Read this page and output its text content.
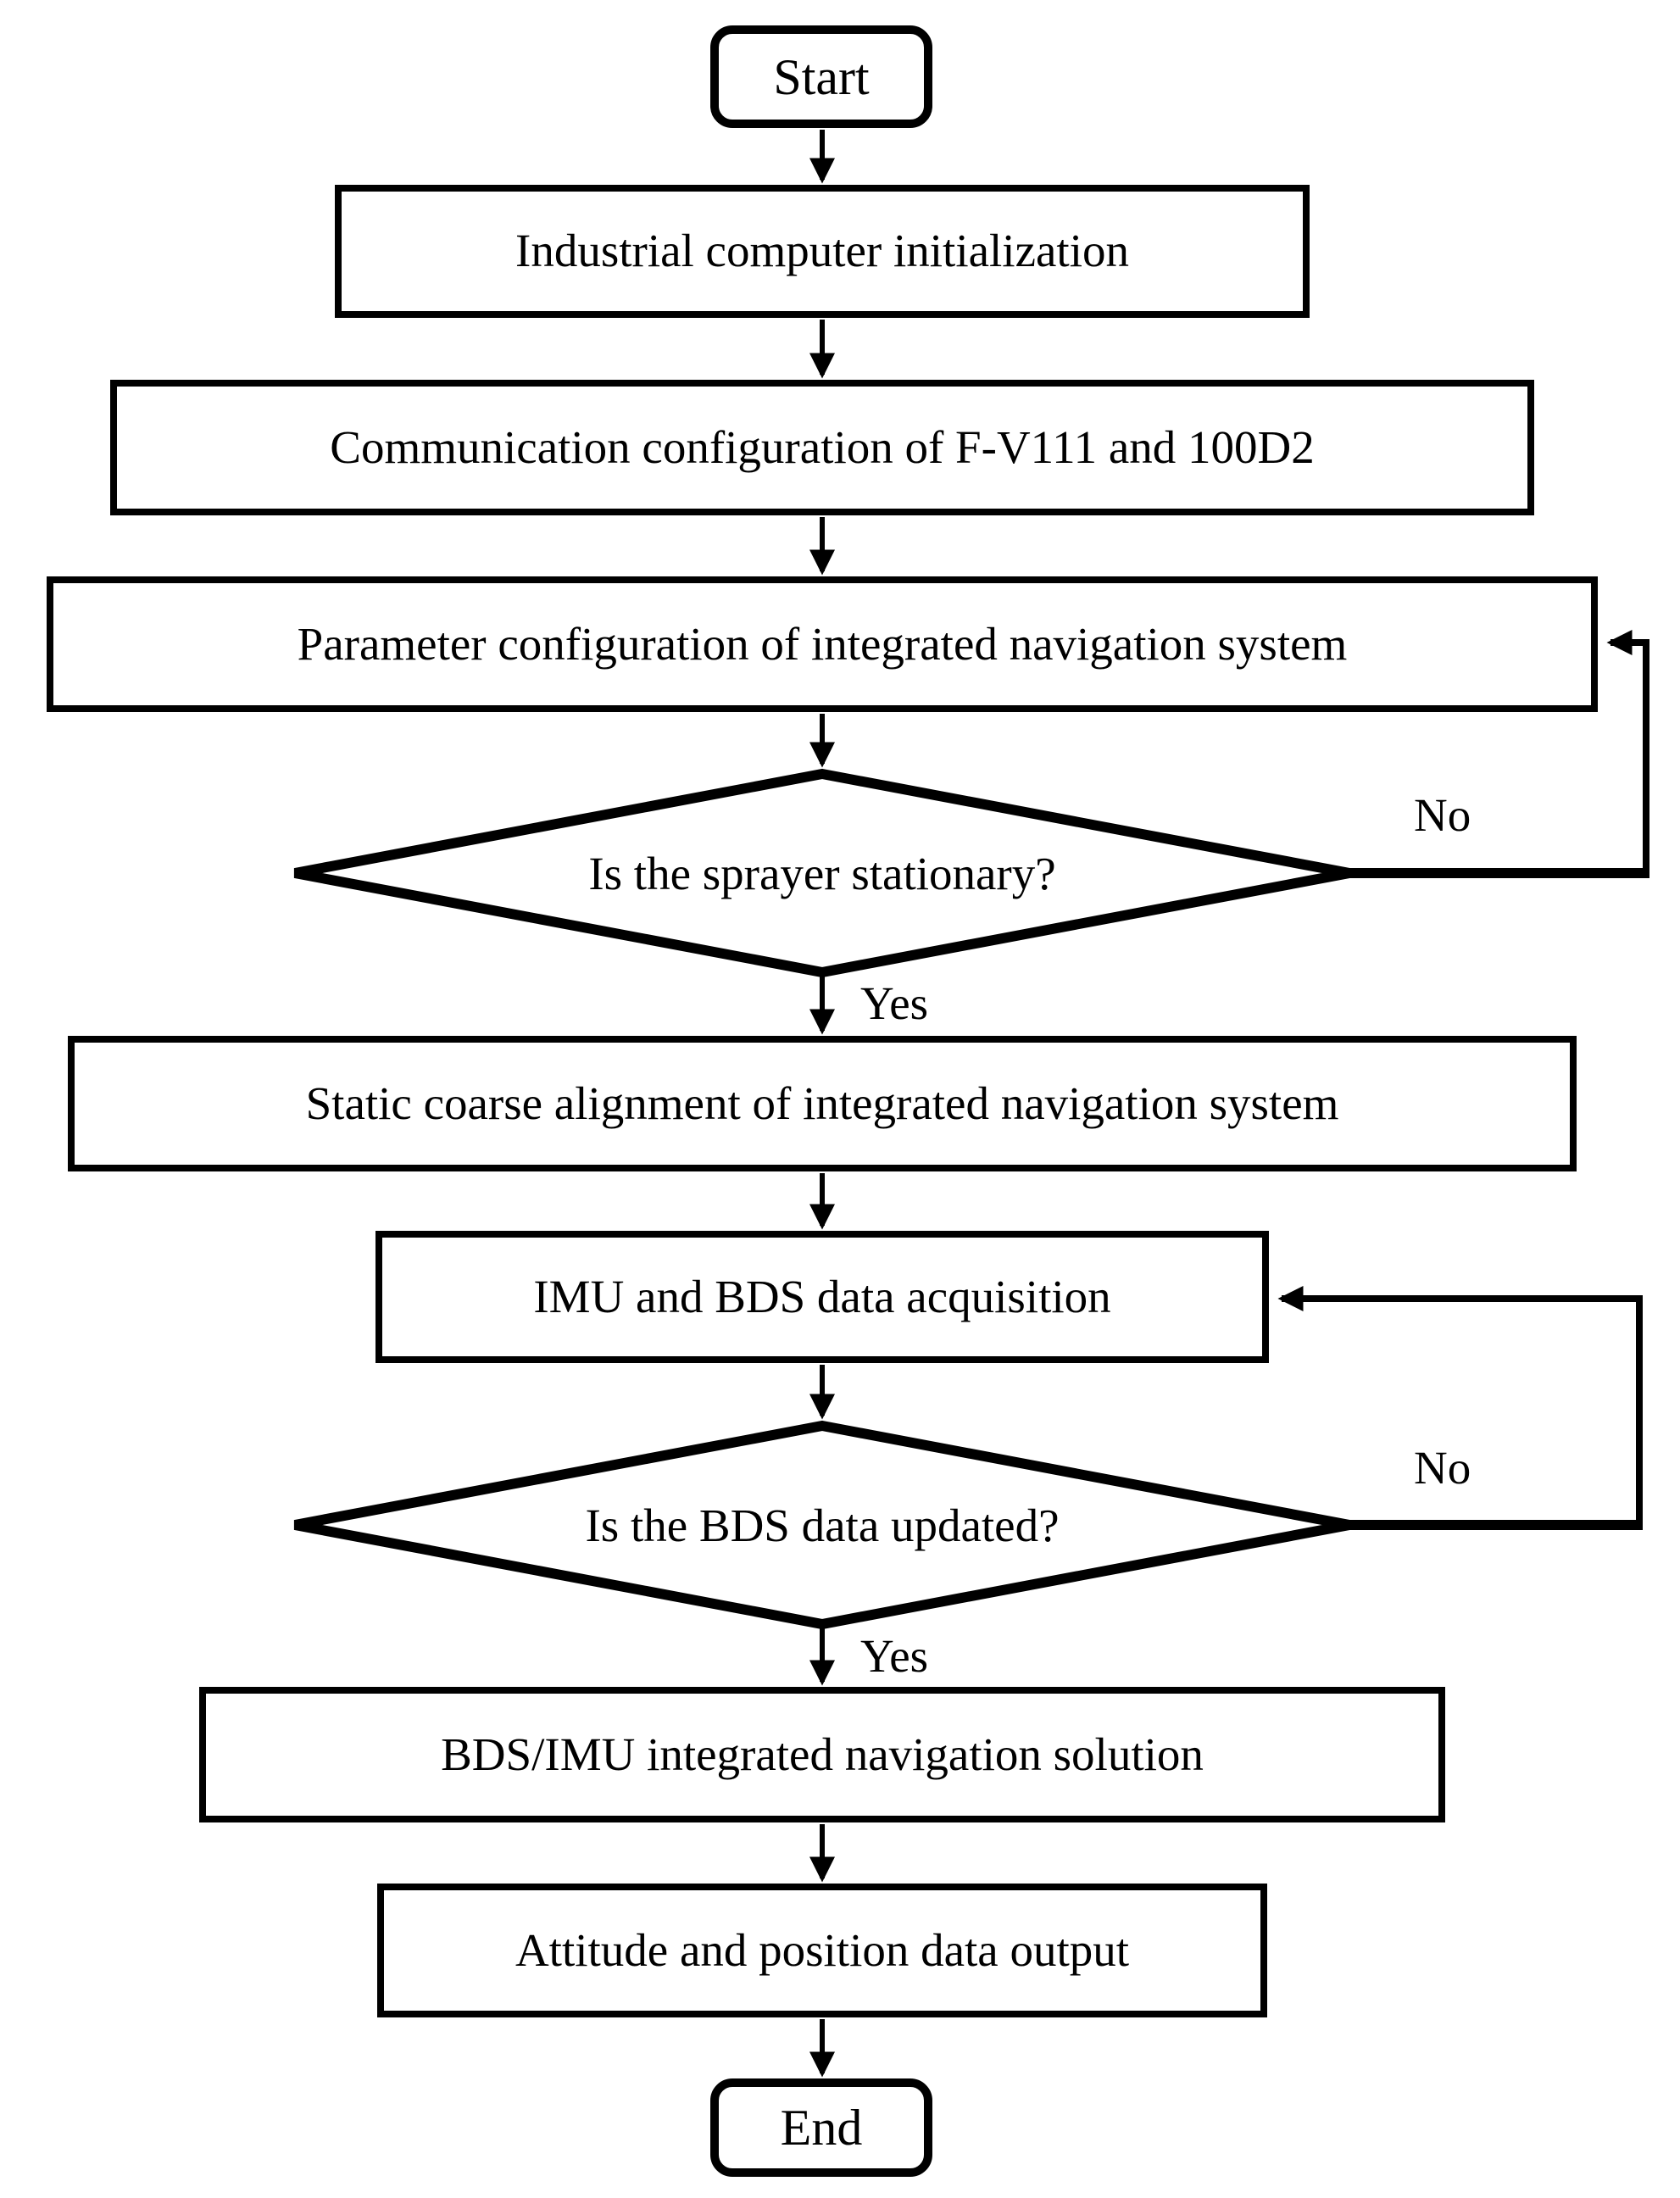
Start
Industrial computer initialization
Communication configuration of F-V111 and 100D2
Parameter configuration of integrated navigation system
Static coarse alignment of integrated navigation system
IMU and BDS data acquisition
BDS/IMU integrated navigation solution
Attitude and position data output
End
Is the sprayer stationary?
Is the BDS data updated?
Yes
No
Yes
No
